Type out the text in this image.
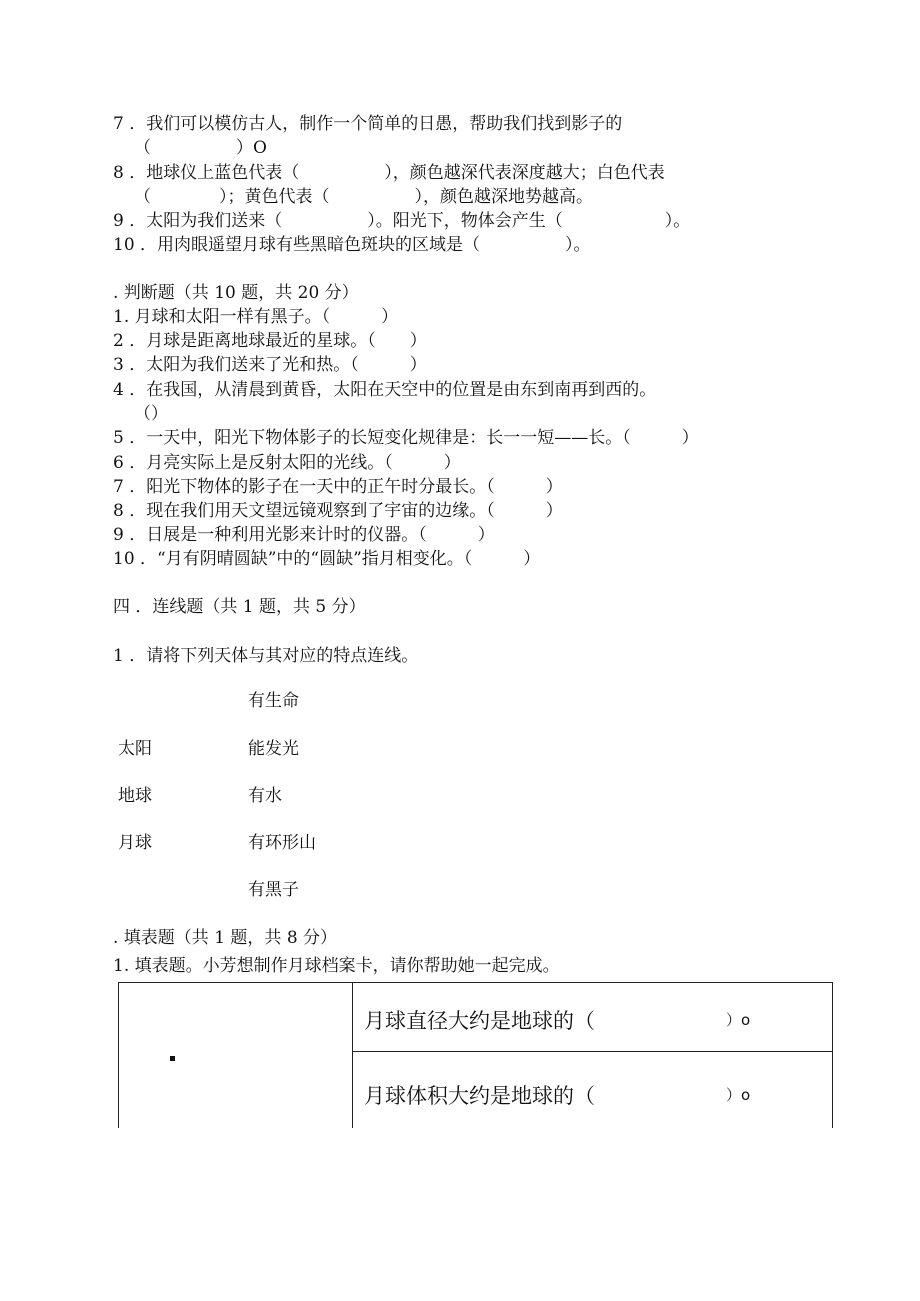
7 ．我们可以模仿古人，制作一个简单的日愚，帮助我们找到影子的
（　　　　　）O
8 ．地球仪上蓝色代表（　　　　　），颜色越深代表深度越大；白色代表
（　　　　）；黄色代表（　　　　　），颜色越深地势越高。
9 ．太阳为我们送来（　　　　　）。阳光下，物体会产生（　　　　　　）。
10 ．用肉眼遥望月球有些黑暗色斑块的区域是（　　　　　）。
. 判断题（共 10 题，共 20 分）
1. 月球和太阳一样有黑子。（　　　）
2 ．月球是距离地球最近的星球。（　　）
3 ．太阳为我们送来了光和热。（　　　）
4 ．在我国，从清晨到黄昏，太阳在天空中的位置是由东到南再到西的。
（）
5 ．一天中，阳光下物体影子的长短变化规律是：长一一短——长。（　　　）
6 ．月亮实际上是反射太阳的光线。（　　　）
7 ．阳光下物体的影子在一天中的正午时分最长。（　　　）
8 ．现在我们用天文望远镜观察到了宇宙的边缘。（　　　）
9 ．日展是一种利用光影来计时的仪器。（　　　）
10 ．“月有阴晴圆缺”中的“圆缺”指月相变化。（　　　）
四 ．连线题（共 1 题，共 5 分）
1 ．请将下列天体与其对应的特点连线。
有生命
太阳	能发光
地球	有水
月球	有环形山
有黑子
. 填表题（共 1 题，共 8 分）
1. 填表题。小芳想制作月球档案卡，请你帮助她一起完成。
月球直径大约是地球的（	）o
月球体积大约是地球的（	）o
